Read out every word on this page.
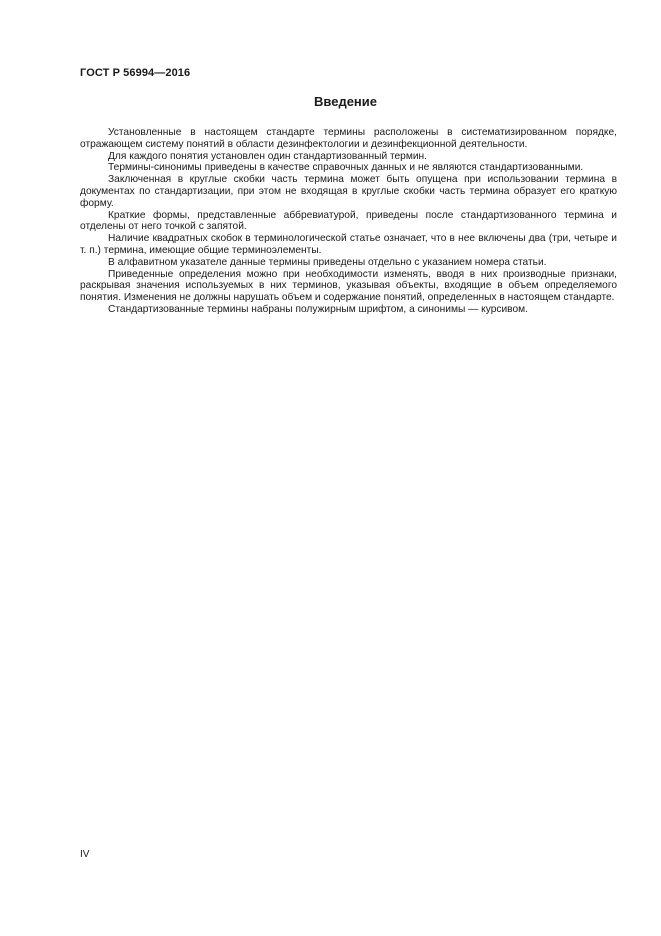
ГОСТ Р 56994—2016
Введение

Установленные в настоящем стандарте термины расположены в систематизированном порядке, отражающем систему понятий в области дезинфектологии и дезинфекционной деятельности.

Для каждого понятия установлен один стандартизованный термин.

Термины-синонимы приведены в качестве справочных данных и не являются стандартизованными.

Заключенная в круглые скобки часть термина может быть опущена при использовании термина в документах по стандартизации, при этом не входящая в круглые скобки часть термина образует его краткую форму.

Краткие формы, представленные аббревиатурой, приведены после стандартизованного термина и отделены от него точкой с запятой.

Наличие квадратных скобок в терминологической статье означает, что в нее включены два (три, четыре и т. п.) термина, имеющие общие терминоэлементы.

В алфавитном указателе данные термины приведены отдельно с указанием номера статьи.

Приведенные определения можно при необходимости изменять, вводя в них производные признаки, раскрывая значения используемых в них терминов, указывая объекты, входящие в объем определяемого понятия. Изменения не должны нарушать объем и содержание понятий, определенных в настоящем стандарте.

Стандартизованные термины набраны полужирным шрифтом, а синонимы — курсивом.

IV
